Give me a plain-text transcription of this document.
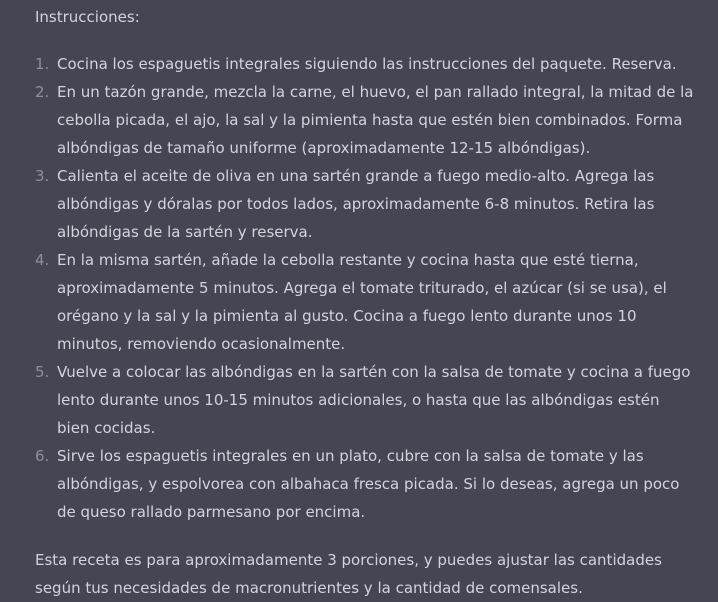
Instrucciones:

1. Cocina los espaguetis integrales siguiendo las instrucciones del paquete. Reserva.
2. En un tazón grande, mezcla la carne, el huevo, el pan rallado integral, la mitad de la cebolla picada, el ajo, la sal y la pimienta hasta que estén bien combinados. Forma albóndigas de tamaño uniforme (aproximadamente 12-15 albóndigas).
3. Calienta el aceite de oliva en una sartén grande a fuego medio-alto. Agrega las albóndigas y dóralas por todos lados, aproximadamente 6-8 minutos. Retira las albóndigas de la sartén y reserva.
4. En la misma sartén, añade la cebolla restante y cocina hasta que esté tierna, aproximadamente 5 minutos. Agrega el tomate triturado, el azúcar (si se usa), el orégano y la sal y la pimienta al gusto. Cocina a fuego lento durante unos 10 minutos, removiendo ocasionalmente.
5. Vuelve a colocar las albóndigas en la sartén con la salsa de tomate y cocina a fuego lento durante unos 10-15 minutos adicionales, o hasta que las albóndigas estén bien cocidas.
6. Sirve los espaguetis integrales en un plato, cubre con la salsa de tomate y las albóndigas, y espolvorea con albahaca fresca picada. Si lo deseas, agrega un poco de queso rallado parmesano por encima.

Esta receta es para aproximadamente 3 porciones, y puedes ajustar las cantidades según tus necesidades de macronutrientes y la cantidad de comensales.
